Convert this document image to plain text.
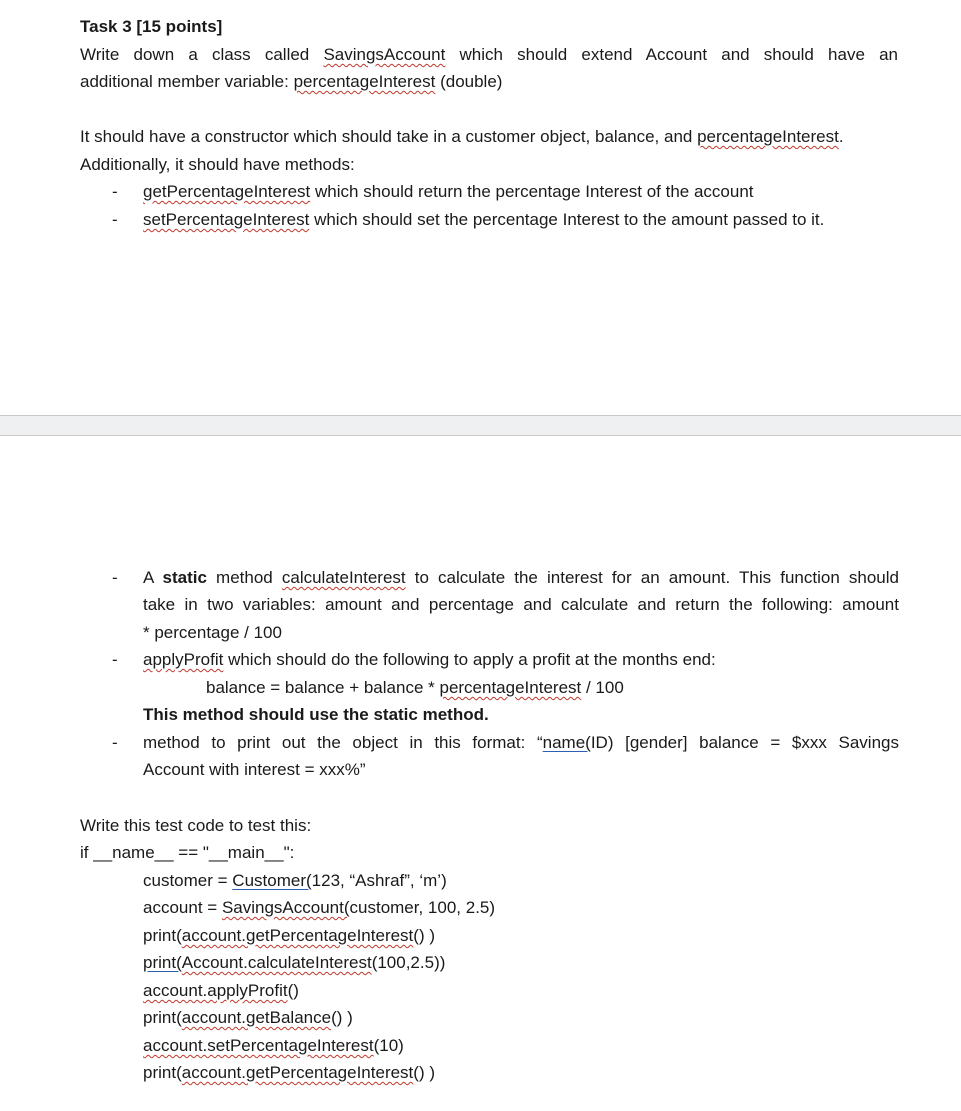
Task 3 [15 points]
Write down a class called SavingsAccount which should extend Account and should have an
additional member variable: percentageInterest (double)
It should have a constructor which should take in a customer object, balance, and percentageInterest.
Additionally, it should have methods:
- getPercentageInterest which should return the percentage Interest of the account
- setPercentageInterest which should set the percentage Interest to the amount passed to it.
- A static method calculateInterest to calculate the interest for an amount. This function should
take in two variables: amount and percentage and calculate and return the following: amount
* percentage / 100
- applyProfit which should do the following to apply a profit at the months end:
balance = balance + balance * percentageInterest / 100
This method should use the static method.
- method to print out the object in this format: “name(ID) [gender] balance = $xxx Savings
Account with interest = xxx%”
Write this test code to test this:
if __name__ == "__main__":
customer = Customer(123, “Ashraf”, ‘m’)
account = SavingsAccount(customer, 100, 2.5)
print(account.getPercentageInterest() )
print(Account.calculateInterest(100,2.5))
account.applyProfit()
print(account.getBalance() )
account.setPercentageInterest(10)
print(account.getPercentageInterest() )
